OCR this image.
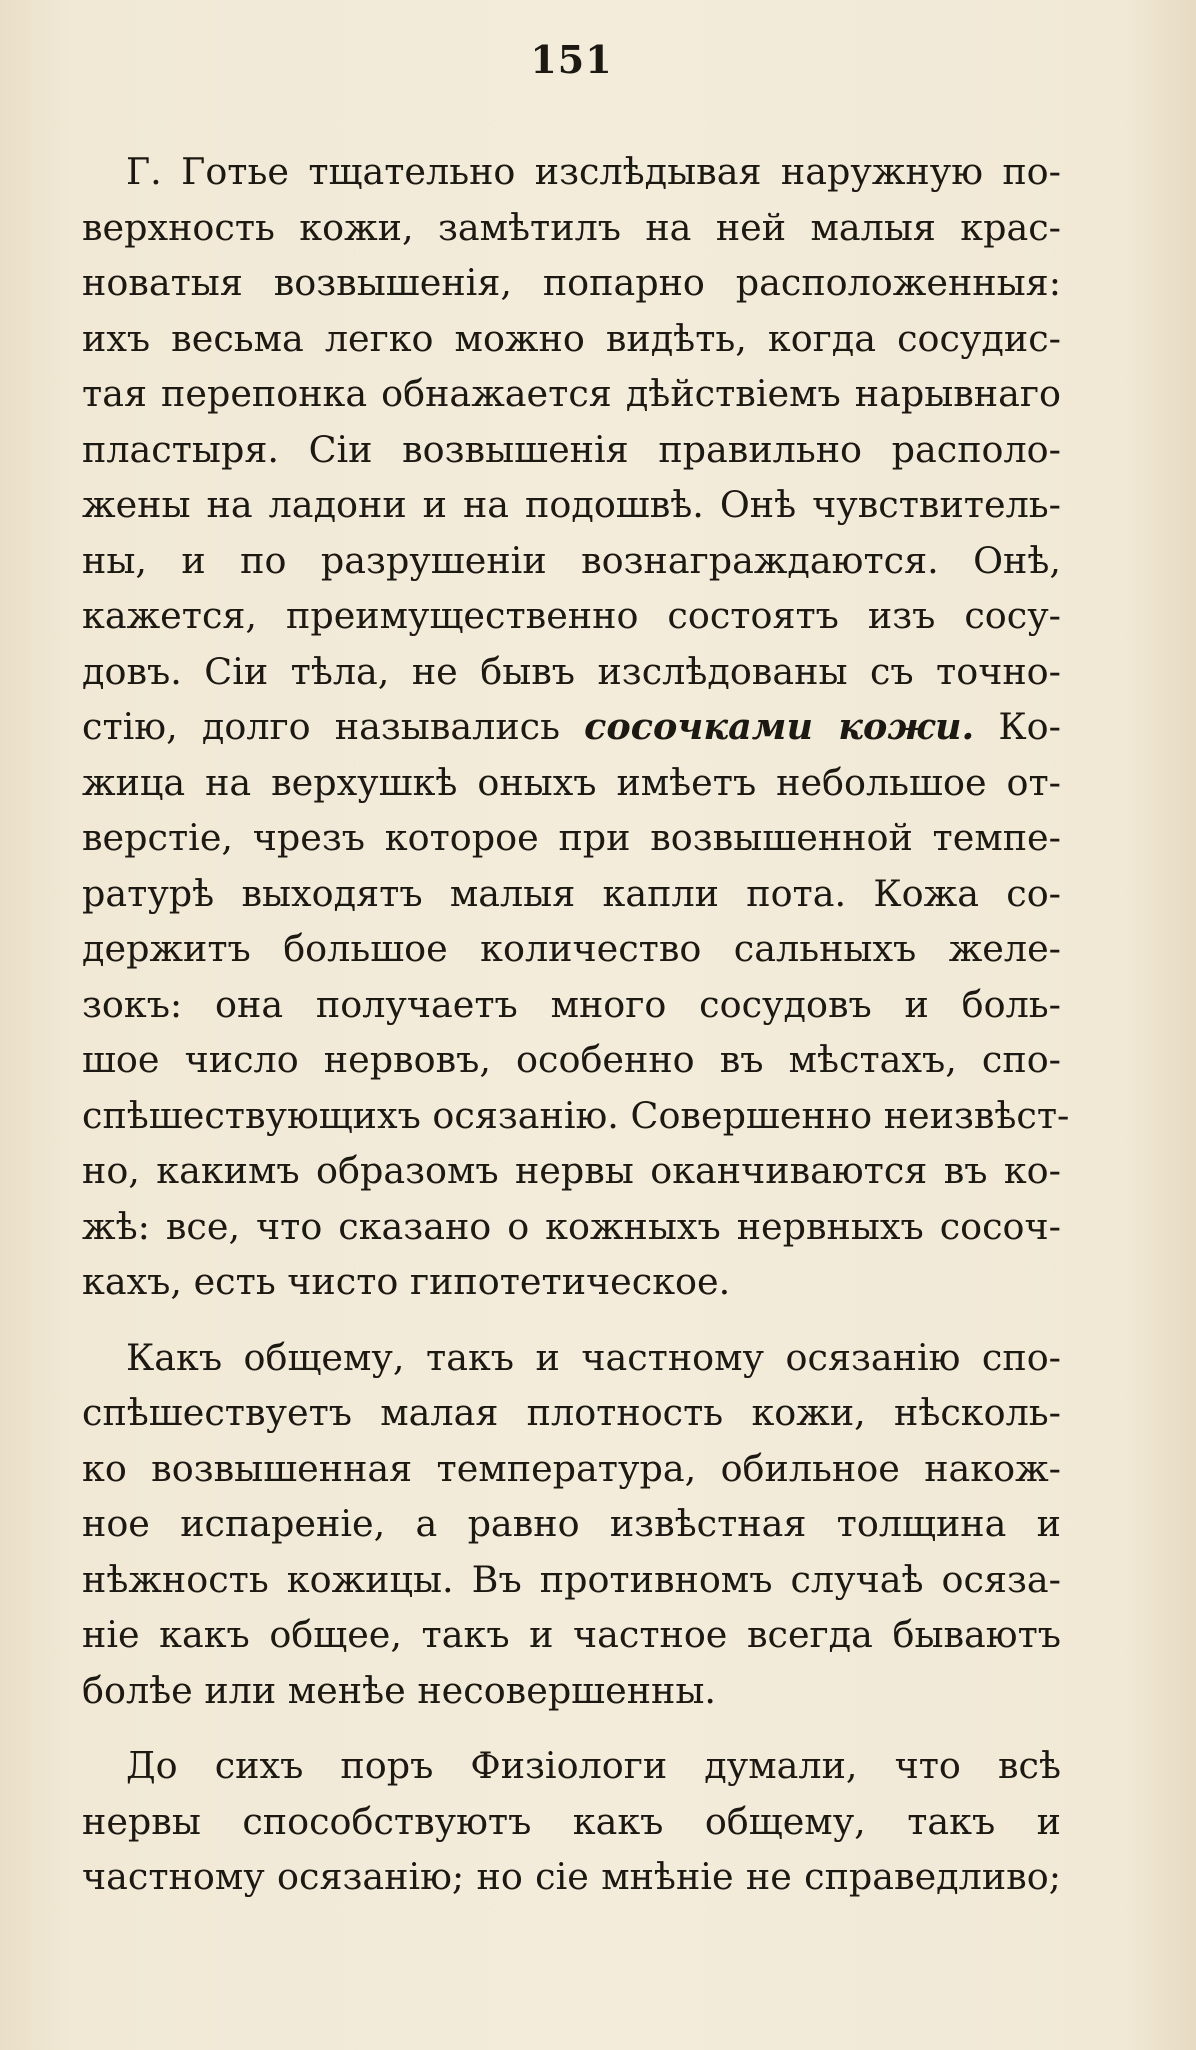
151
Г. Готье тщательно изслѣдывая наружную по-
верхность кожи, замѣтилъ на ней малыя крас-
новатыя возвышенія, попарно расположенныя:
ихъ весьма легко можно видѣть, когда сосудис-
тая перепонка обнажается дѣйствіемъ нарывнаго
пластыря. Сіи возвышенія правильно располо-
жены на ладони и на подошвѣ. Онѣ чувствитель-
ны, и по разрушеніи вознаграждаются. Онѣ,
кажется, преимущественно состоятъ изъ сосу-
довъ. Сіи тѣла, не бывъ изслѣдованы съ точно-
стію, долго назывались сосочками кожи. Ко-
жица на верхушкѣ оныхъ имѣетъ небольшое от-
верстіе, чрезъ которое при возвышенной темпе-
ратурѣ выходятъ малыя капли пота. Кожа со-
держитъ большое количество сальныхъ желе-
зокъ: она получаетъ много сосудовъ и боль-
шое число нервовъ, особенно въ мѣстахъ, спо-
спѣшествующихъ осязанію. Совершенно неизвѣст-
но, какимъ образомъ нервы оканчиваются въ ко-
жѣ: все, что сказано о кожныхъ нервныхъ сосоч-
кахъ, есть чисто гипотетическое.
Какъ общему, такъ и частному осязанію спо-
спѣшествуетъ малая плотность кожи, нѣсколь-
ко возвышенная температура, обильное накож-
ное испареніе, а равно извѣстная толщина и
нѣжность кожицы. Въ противномъ случаѣ осяза-
ніе какъ общее, такъ и частное всегда бываютъ
болѣе или менѣе несовершенны.
До сихъ поръ Физіологи думали, что всѣ
нервы способствуютъ какъ общему, такъ и
частному осязанію; но сіе мнѣніе не справедливо;
